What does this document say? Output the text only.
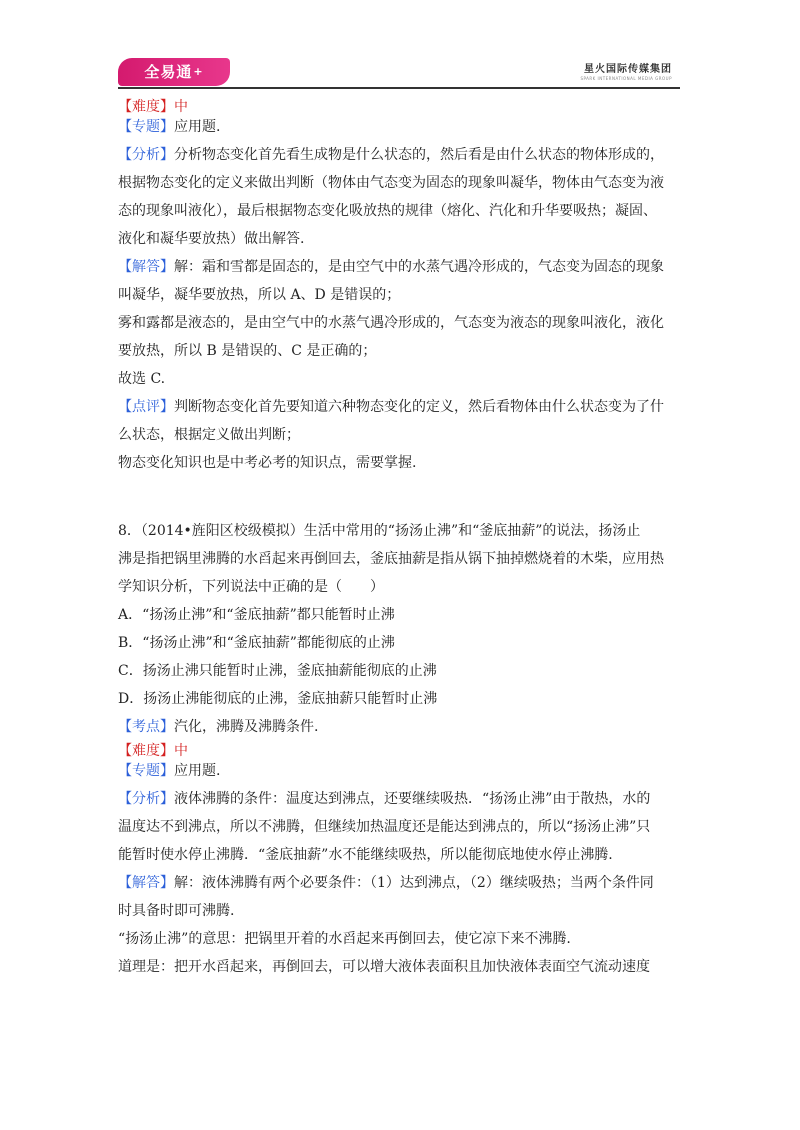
全易通+	星火国际传媒集团
SPARK INTERNATIONAL MEDIA GROUP

【难度】中

【专题】应用题.

【分析】分析物态变化首先看生成物是什么状态的，然后看是由什么状态的物体形成的，

根据物态变化的定义来做出判断（物体由气态变为固态的现象叫凝华，物体由气态变为液

态的现象叫液化），最后根据物态变化吸放热的规律（熔化、汽化和升华要吸热；凝固、

液化和凝华要放热）做出解答.

【解答】解：霜和雪都是固态的，是由空气中的水蒸气遇冷形成的，气态变为固态的现象

叫凝华，凝华要放热，所以 A、D 是错误的；

雾和露都是液态的，是由空气中的水蒸气遇冷形成的，气态变为液态的现象叫液化，液化

要放热，所以 B 是错误的、C 是正确的；

故选 C.

【点评】判断物态变化首先要知道六种物态变化的定义，然后看物体由什么状态变为了什

么状态，根据定义做出判断；

物态变化知识也是中考必考的知识点，需要掌握.

8．（2014•旌阳区校级模拟）生活中常用的“扬汤止沸”和“釜底抽薪”的说法，扬汤止

沸是指把锅里沸腾的水舀起来再倒回去，釜底抽薪是指从锅下抽掉燃烧着的木柴，应用热

学知识分析，下列说法中正确的是（　　）

A．“扬汤止沸”和“釜底抽薪”都只能暂时止沸

B．“扬汤止沸”和“釜底抽薪”都能彻底的止沸

C．扬汤止沸只能暂时止沸，釜底抽薪能彻底的止沸

D．扬汤止沸能彻底的止沸，釜底抽薪只能暂时止沸

【考点】汽化，沸腾及沸腾条件.

【难度】中

【专题】应用题.

【分析】液体沸腾的条件：温度达到沸点，还要继续吸热．“扬汤止沸”由于散热，水的

温度达不到沸点，所以不沸腾，但继续加热温度还是能达到沸点的，所以“扬汤止沸”只

能暂时使水停止沸腾．“釜底抽薪”水不能继续吸热，所以能彻底地使水停止沸腾.

【解答】解：液体沸腾有两个必要条件：（1）达到沸点，（2）继续吸热；当两个条件同

时具备时即可沸腾.

“扬汤止沸”的意思：把锅里开着的水舀起来再倒回去，使它凉下来不沸腾.

道理是：把开水舀起来，再倒回去，可以增大液体表面积且加快液体表面空气流动速度
